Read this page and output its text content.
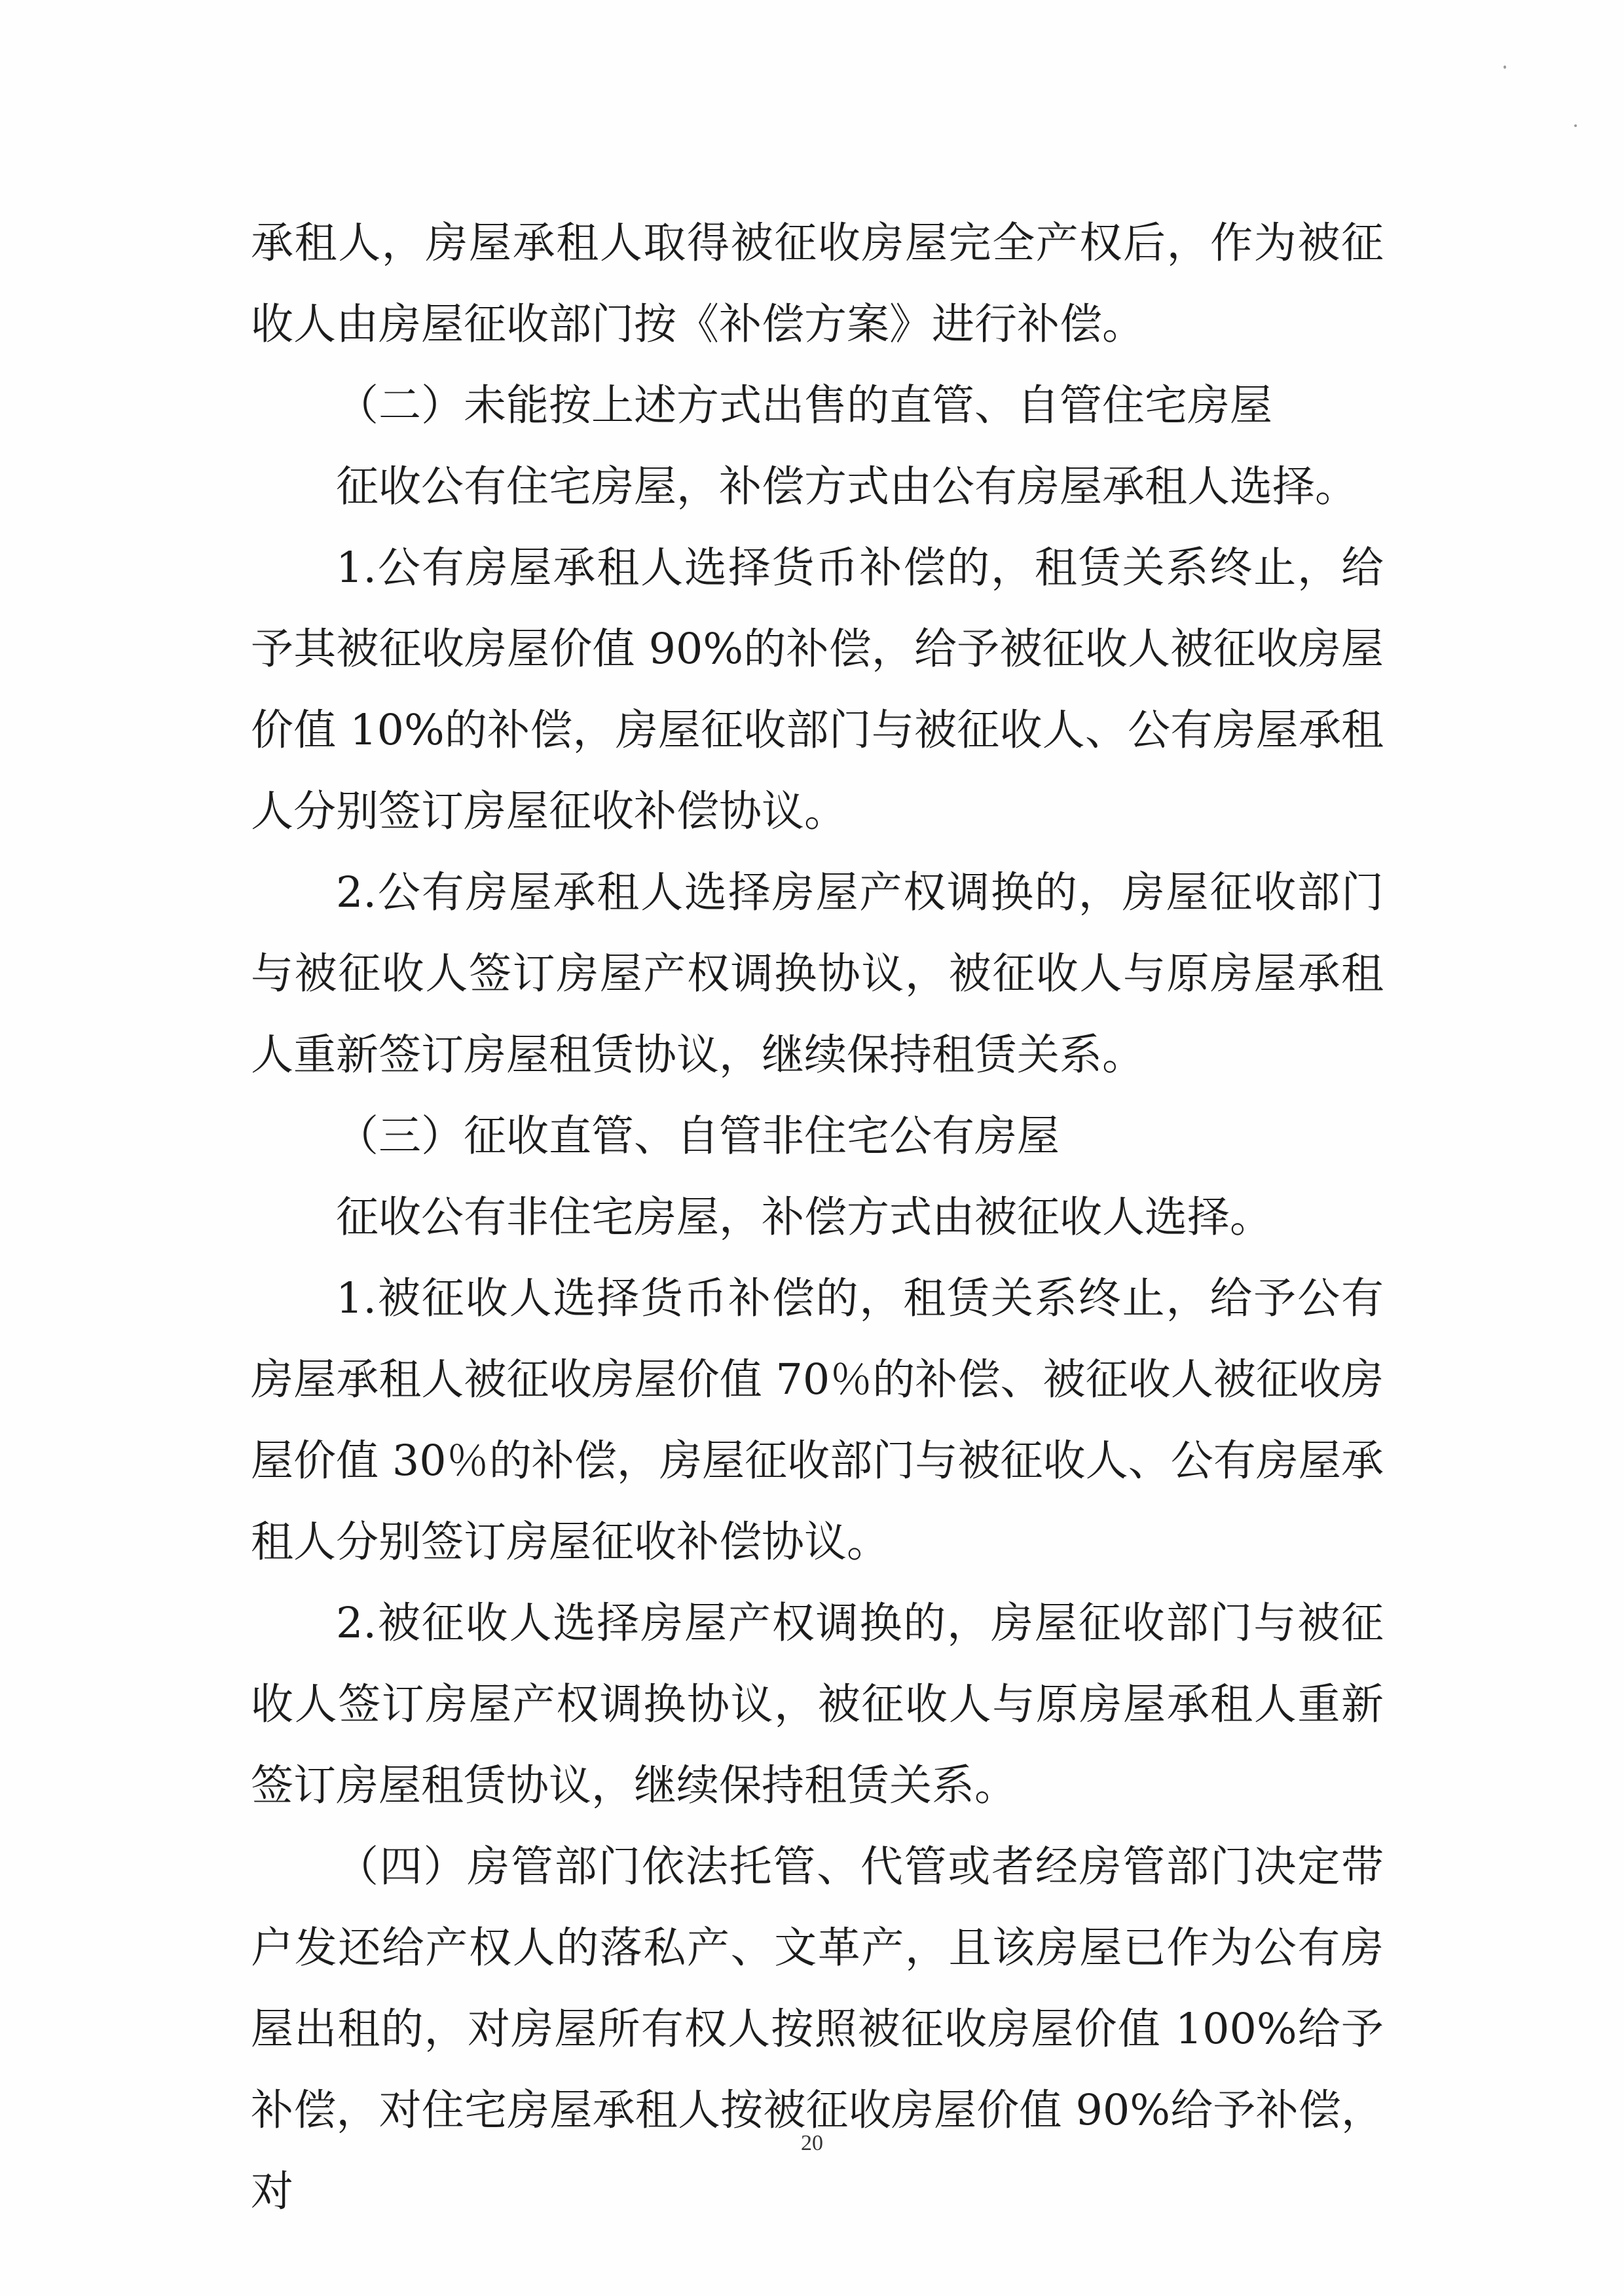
承租人，房屋承租人取得被征收房屋完全产权后，作为被征收人由房屋征收部门按《补偿方案》进行补偿。

（二）未能按上述方式出售的直管、自管住宅房屋

征收公有住宅房屋，补偿方式由公有房屋承租人选择。

1.公有房屋承租人选择货币补偿的，租赁关系终止，给予其被征收房屋价值 90%的补偿，给予被征收人被征收房屋价值 10%的补偿，房屋征收部门与被征收人、公有房屋承租人分别签订房屋征收补偿协议。

2.公有房屋承租人选择房屋产权调换的，房屋征收部门与被征收人签订房屋产权调换协议，被征收人与原房屋承租人重新签订房屋租赁协议，继续保持租赁关系。

（三）征收直管、自管非住宅公有房屋

征收公有非住宅房屋，补偿方式由被征收人选择。

1.被征收人选择货币补偿的，租赁关系终止，给予公有房屋承租人被征收房屋价值 70％的补偿、被征收人被征收房屋价值 30％的补偿，房屋征收部门与被征收人、公有房屋承租人分别签订房屋征收补偿协议。

2.被征收人选择房屋产权调换的，房屋征收部门与被征收人签订房屋产权调换协议，被征收人与原房屋承租人重新签订房屋租赁协议，继续保持租赁关系。

（四）房管部门依法托管、代管或者经房管部门决定带户发还给产权人的落私产、文革产，且该房屋已作为公有房屋出租的，对房屋所有权人按照被征收房屋价值 100%给予补偿，对住宅房屋承租人按被征收房屋价值 90%给予补偿，对

20
